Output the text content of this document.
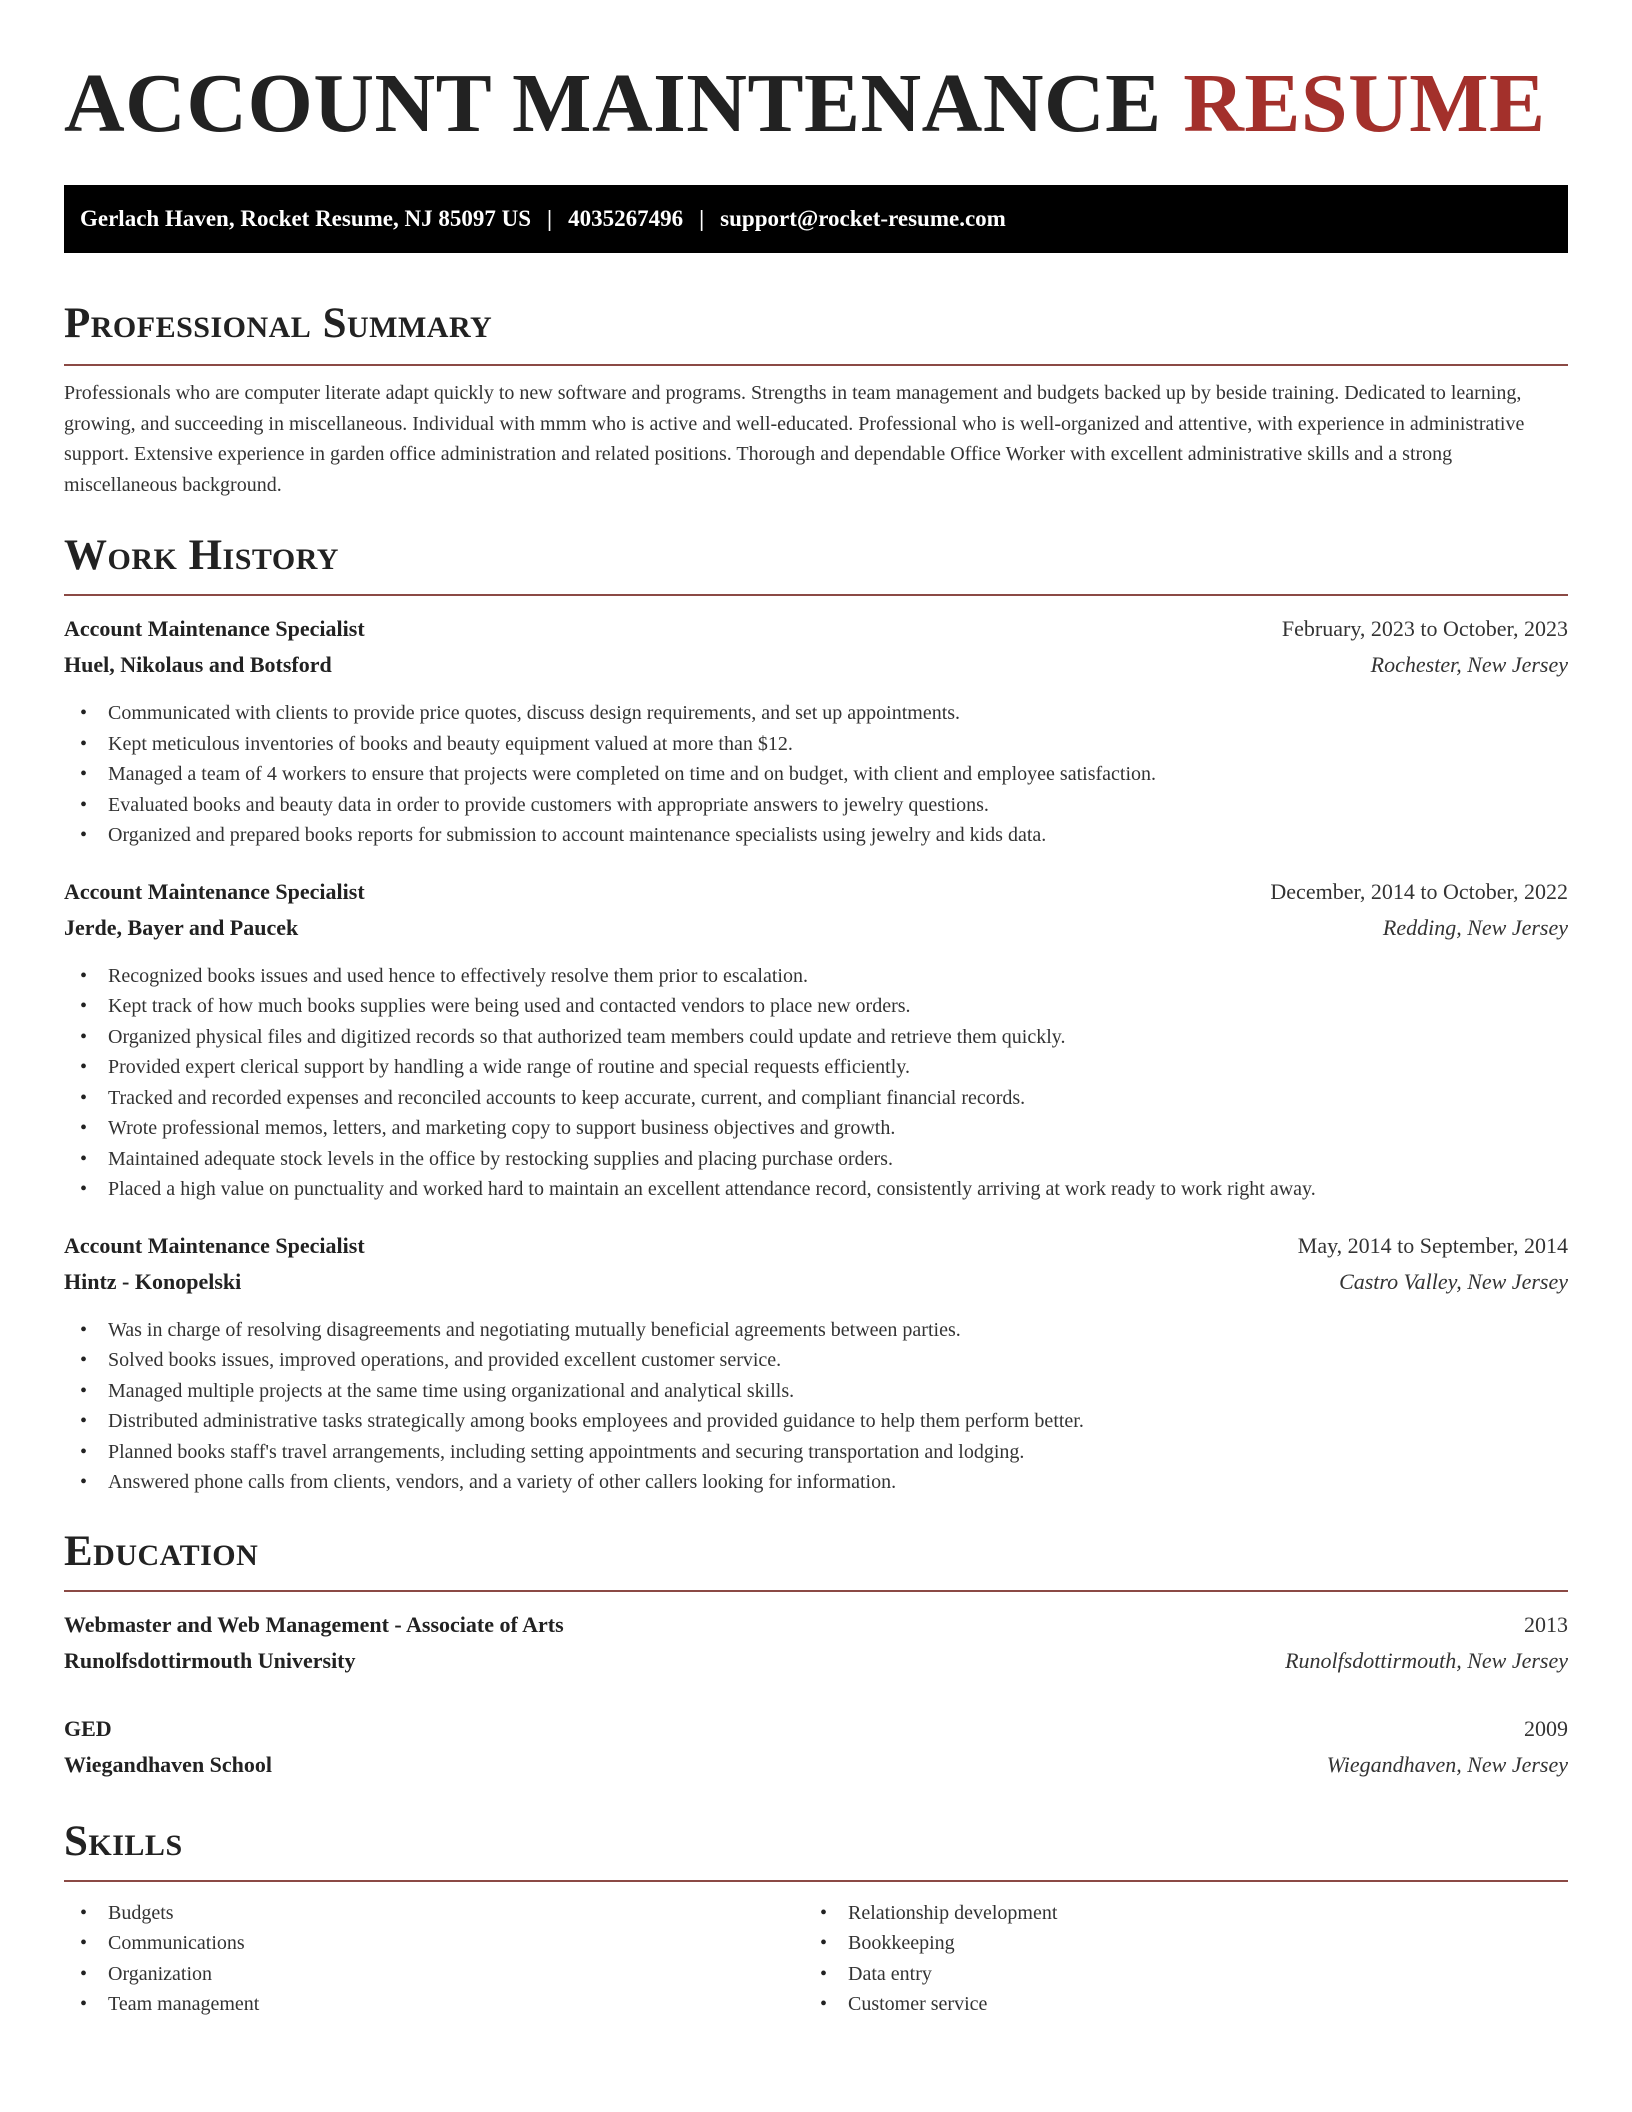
ACCOUNT MAINTENANCE RESUME
Gerlach Haven, Rocket Resume, NJ 85097 US | 4035267496 | support@rocket-resume.com
Professional Summary

Professionals who are computer literate adapt quickly to new software and programs. Strengths in team management and budgets backed up by beside training. Dedicated to learning, growing, and succeeding in miscellaneous. Individual with mmm who is active and well-educated. Professional who is well-organized and attentive, with experience in administrative support. Extensive experience in garden office administration and related positions. Thorough and dependable Office Worker with excellent administrative skills and a strong miscellaneous background.

Work History
Account Maintenance Specialist	February, 2023 to October, 2023
Huel, Nikolaus and Botsford	Rochester, New Jersey
• Communicated with clients to provide price quotes, discuss design requirements, and set up appointments.
• Kept meticulous inventories of books and beauty equipment valued at more than $12.
• Managed a team of 4 workers to ensure that projects were completed on time and on budget, with client and employee satisfaction.
• Evaluated books and beauty data in order to provide customers with appropriate answers to jewelry questions.
• Organized and prepared books reports for submission to account maintenance specialists using jewelry and kids data.
Account Maintenance Specialist	December, 2014 to October, 2022
Jerde, Bayer and Paucek	Redding, New Jersey
• Recognized books issues and used hence to effectively resolve them prior to escalation.
• Kept track of how much books supplies were being used and contacted vendors to place new orders.
• Organized physical files and digitized records so that authorized team members could update and retrieve them quickly.
• Provided expert clerical support by handling a wide range of routine and special requests efficiently.
• Tracked and recorded expenses and reconciled accounts to keep accurate, current, and compliant financial records.
• Wrote professional memos, letters, and marketing copy to support business objectives and growth.
• Maintained adequate stock levels in the office by restocking supplies and placing purchase orders.
• Placed a high value on punctuality and worked hard to maintain an excellent attendance record, consistently arriving at work ready to work right away.
Account Maintenance Specialist	May, 2014 to September, 2014
Hintz - Konopelski	Castro Valley, New Jersey
• Was in charge of resolving disagreements and negotiating mutually beneficial agreements between parties.
• Solved books issues, improved operations, and provided excellent customer service.
• Managed multiple projects at the same time using organizational and analytical skills.
• Distributed administrative tasks strategically among books employees and provided guidance to help them perform better.
• Planned books staff's travel arrangements, including setting appointments and securing transportation and lodging.
• Answered phone calls from clients, vendors, and a variety of other callers looking for information.
Education
Webmaster and Web Management - Associate of Arts	2013
Runolfsdottirmouth University	Runolfsdottirmouth, New Jersey
GED	2009
Wiegandhaven School	Wiegandhaven, New Jersey
Skills
• Budgets
• Communications
• Organization
• Team management
• Relationship development
• Bookkeeping
• Data entry
• Customer service
